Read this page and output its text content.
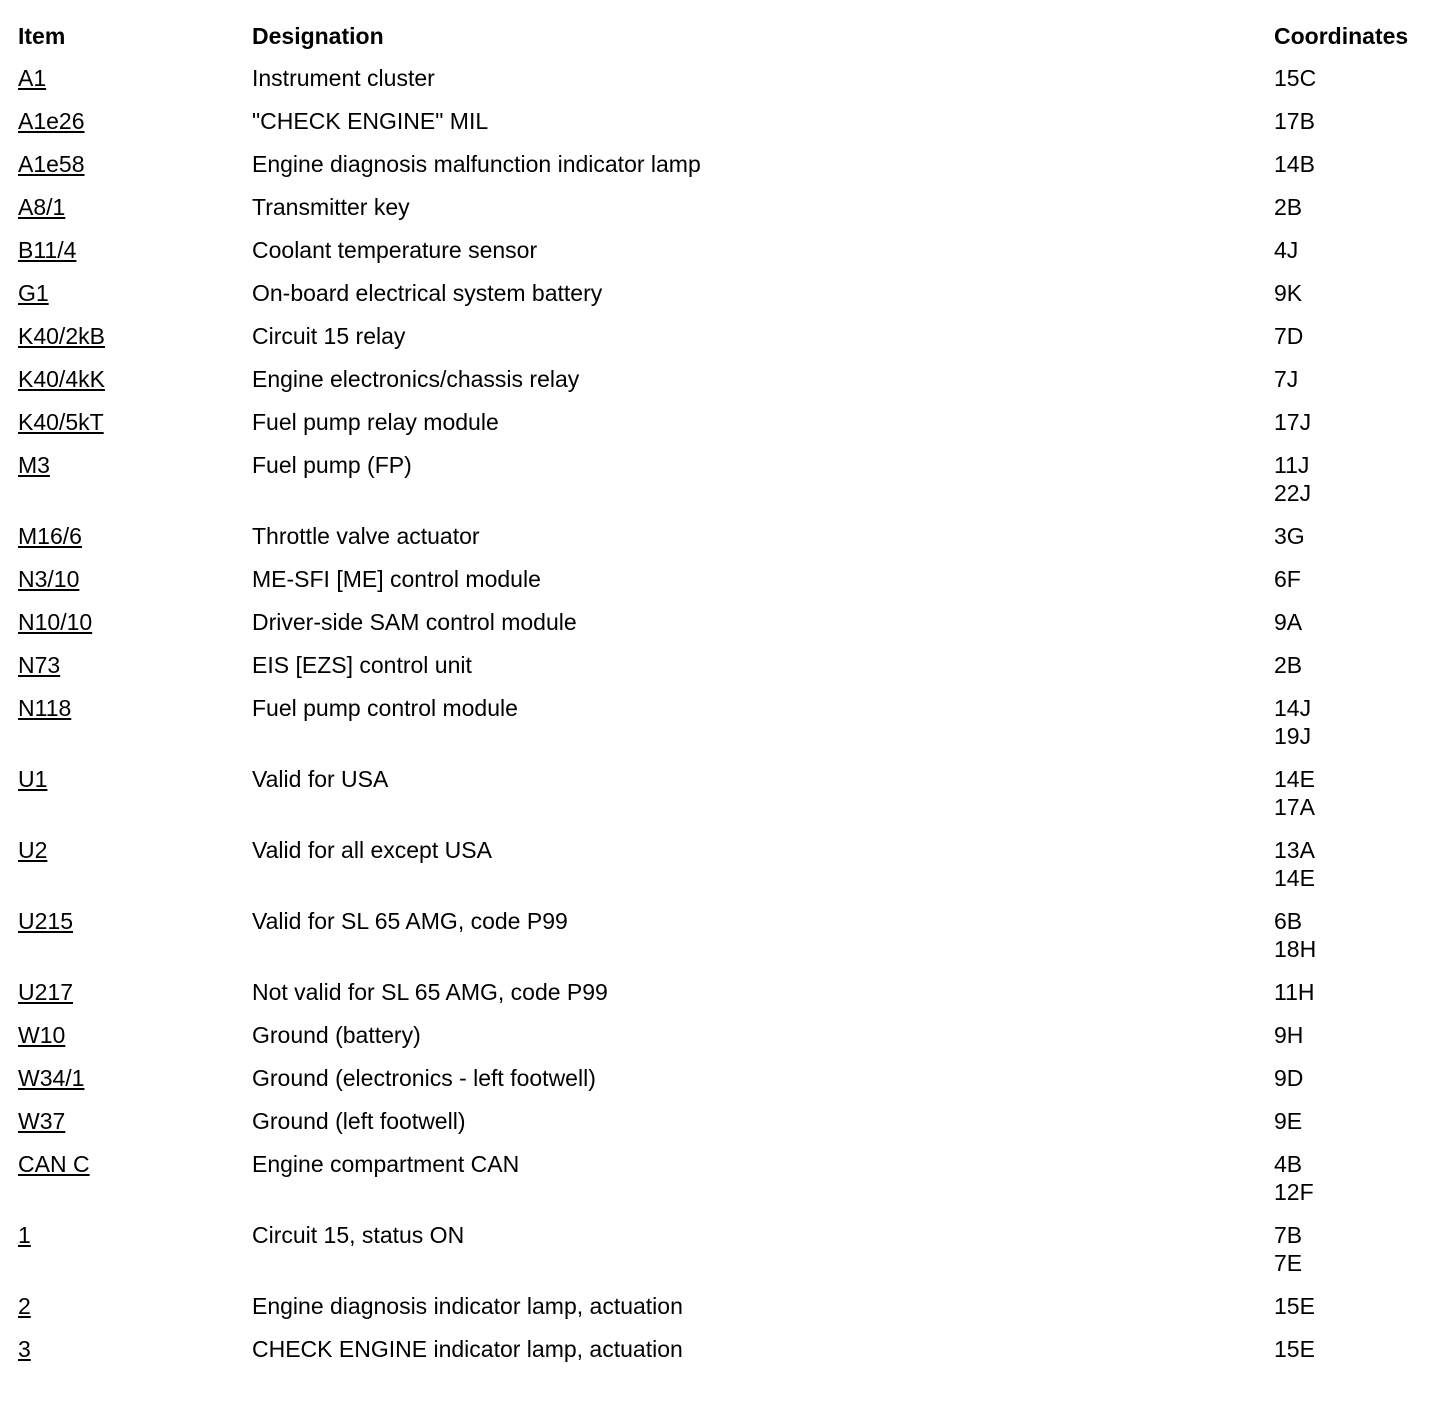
Item	Designation	Coordinates
A1	Instrument cluster	15C

A1e26	"CHECK ENGINE" MIL	17B

A1e58	Engine diagnosis malfunction indicator lamp	14B

A8/1	Transmitter key	2B

B11/4	Coolant temperature sensor	4J

G1	On-board electrical system battery	9K

K40/2kB	Circuit 15 relay	7D

K40/4kK	Engine electronics/chassis relay	7J

K40/5kT	Fuel pump relay module	17J

M3	Fuel pump (FP)	11J
22J

M16/6	Throttle valve actuator	3G

N3/10	ME-SFI [ME] control module	6F

N10/10	Driver-side SAM control module	9A

N73	EIS [EZS] control unit	2B

N118	Fuel pump control module	14J
19J

U1	Valid for USA	14E
17A

U2	Valid for all except USA	13A
14E

U215	Valid for SL 65 AMG, code P99	6B
18H

U217	Not valid for SL 65 AMG, code P99	11H

W10	Ground (battery)	9H

W34/1	Ground (electronics - left footwell)	9D

W37	Ground (left footwell)	9E

CAN C	Engine compartment CAN	4B
12F

1	Circuit 15, status ON	7B
7E

2	Engine diagnosis indicator lamp, actuation	15E

3	CHECK ENGINE indicator lamp, actuation	15E
